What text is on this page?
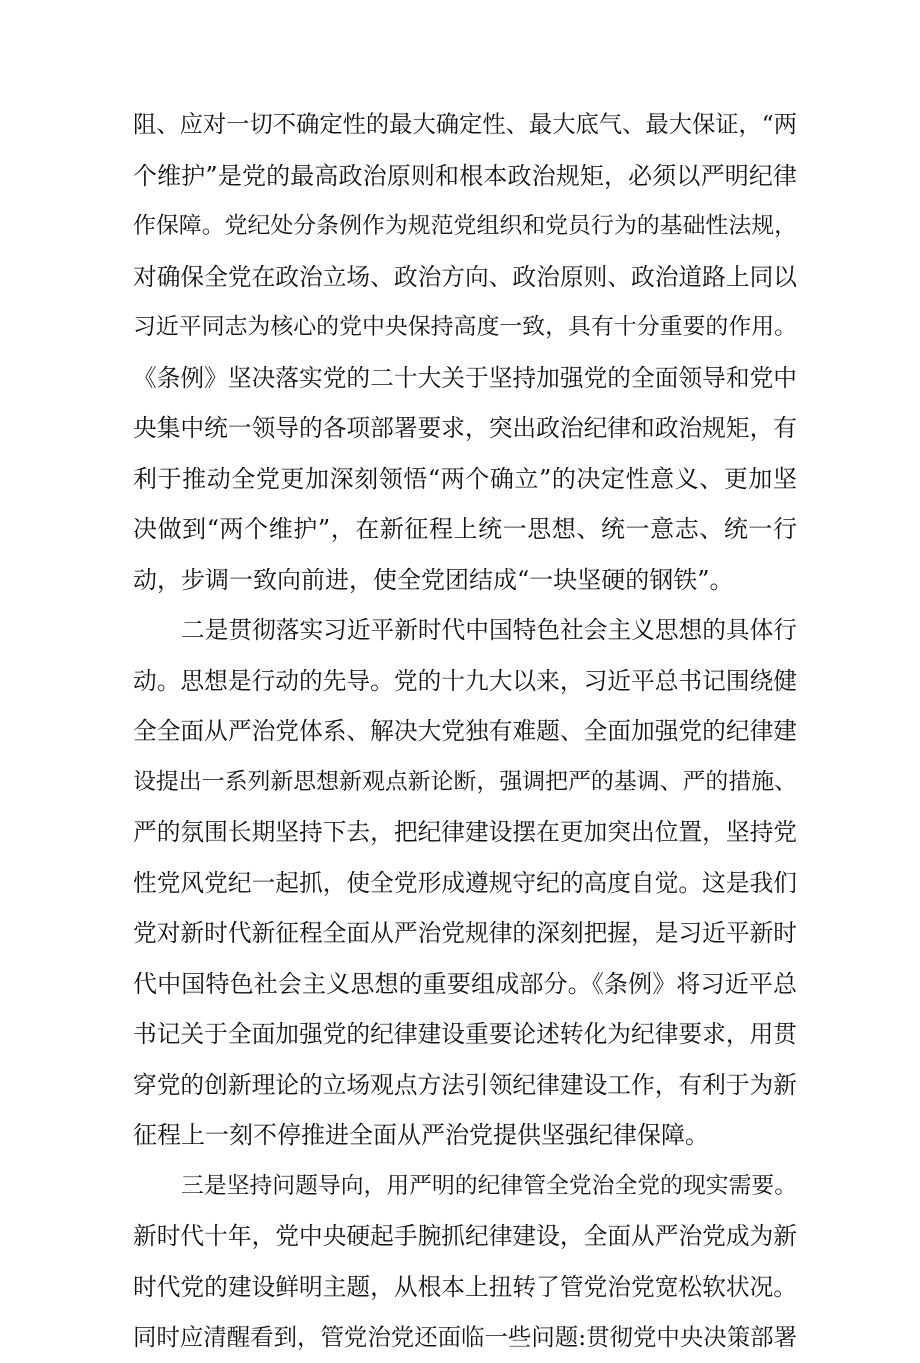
阻、应对一切不确定性的最大确定性、最大底气、最大保证，“两
个维护”是党的最高政治原则和根本政治规矩，必须以严明纪律
作保障。党纪处分条例作为规范党组织和党员行为的基础性法规，
对确保全党在政治立场、政治方向、政治原则、政治道路上同以
习近平同志为核心的党中央保持高度一致，具有十分重要的作用。
《条例》坚决落实党的二十大关于坚持加强党的全面领导和党中
央集中统一领导的各项部署要求，突出政治纪律和政治规矩，有
利于推动全党更加深刻领悟“两个确立”的决定性意义、更加坚
决做到“两个维护”，在新征程上统一思想、统一意志、统一行
动，步调一致向前进，使全党团结成“一块坚硬的钢铁”。
二是贯彻落实习近平新时代中国特色社会主义思想的具体行
动。思想是行动的先导。党的十九大以来，习近平总书记围绕健
全全面从严治党体系、解决大党独有难题、全面加强党的纪律建
设提出一系列新思想新观点新论断，强调把严的基调、严的措施、
严的氛围长期坚持下去，把纪律建设摆在更加突出位置，坚持党
性党风党纪一起抓，使全党形成遵规守纪的高度自觉。这是我们
党对新时代新征程全面从严治党规律的深刻把握，是习近平新时
代中国特色社会主义思想的重要组成部分。《条例》将习近平总
书记关于全面加强党的纪律建设重要论述转化为纪律要求，用贯
穿党的创新理论的立场观点方法引领纪律建设工作，有利于为新
征程上一刻不停推进全面从严治党提供坚强纪律保障。
三是坚持问题导向，用严明的纪律管全党治全党的现实需要。
新时代十年，党中央硬起手腕抓纪律建设，全面从严治党成为新
时代党的建设鲜明主题，从根本上扭转了管党治党宽松软状况。
同时应清醒看到，管党治党还面临一些问题:贯彻党中央决策部署
